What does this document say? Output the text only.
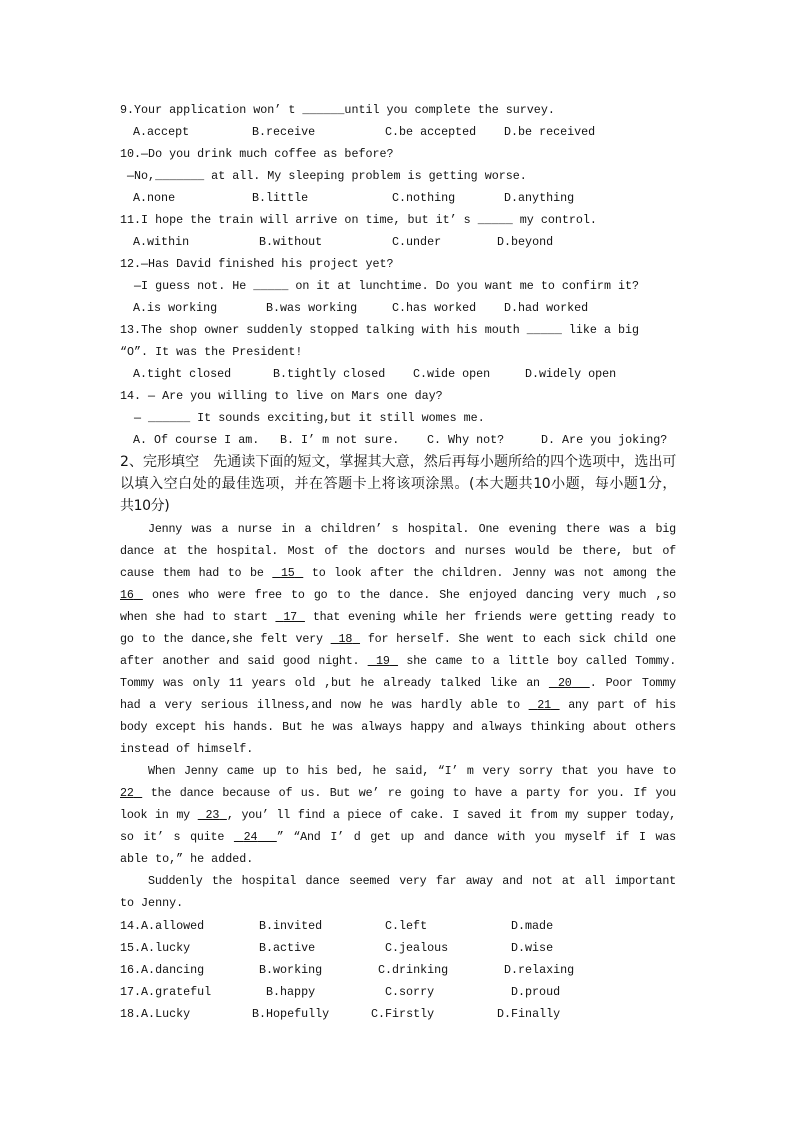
9.Your application won’ t ______until you complete the survey.

A.accept

	B.receive

	C.be accepted

D.be received

10.—Do you drink much coffee as before?
—No,_______ at all. My sleeping problem is getting worse.

A.none

	B.little

	C.nothing

	D.anything

11.I hope the train will arrive on time, but it’ s _____ my control.

A.within

	B.without

	C.under

	D.beyond

12.—Has David finished his project yet?
—I guess not. He _____ on it at lunchtime. Do you want me to confirm it?

A.is working

	B.was working

	C.has worked

D.had worked

13.The shop owner suddenly stopped talking with his mouth _____ like a big
“O”. It was the President!

A.tight closed

	B.tightly closed

C.wide open

	D.widely open

14. — Are you willing to live on Mars one day?
— ______ It sounds exciting,but it still womes me.

A. Of course I am.

B. I’ m not sure.

C. Why not?

	D. Are you joking?

2、完形填空　先通读下面的短文，掌握其大意，然后再每小题所给的四个选项中，选出可
以填入空白处的最佳选项，并在答题卡上将该项涂黑。(本大题共10小题，每小题1分，
共10分)
Jenny was a nurse in a children’ s hospital. One evening there was a big
dance at the hospital. Most of the doctors and nurses would be there, but of
cause them had to be  15  to look after the children. Jenny was not among the
16 ones who were free to go to the dance. She enjoyed dancing very much ,so
when she had to start  17  that evening while her friends were getting ready to
go to the dance,she felt very  18  for herself. She went to each sick child one
after another and said good night.  19  she came to a little boy called Tommy.
Tommy was only 11 years old ,but he already talked like an  20 . Poor Tommy
had a very serious illness,and now he was hardly able to  21  any part of his
body except his hands. But he was always happy and always thinking about others
instead of himself.
When Jenny came up to his bed, he said, “I’ m very sorry that you have to
22 the dance because of us. But we’ re going to have a party for you. If you
look in my  23 , you’ ll find a piece of cake. I saved it from my supper today,
so it’ s quite  24 ” “And I’ d get up and dance with you myself if I was
able to,” he added.
Suddenly the hospital dance seemed very far away and not at all important
to Jenny.

14.A.allowed

	B.invited

	C.left

	D.made

15.A.lucky

	B.active

	C.jealous

	D.wise

16.A.dancing

	B.working

	C.drinking

	D.relaxing

17.A.grateful

	B.happy

	C.sorry

	D.proud

18.A.Lucky

	B.Hopefully

	C.Firstly

	D.Finally
